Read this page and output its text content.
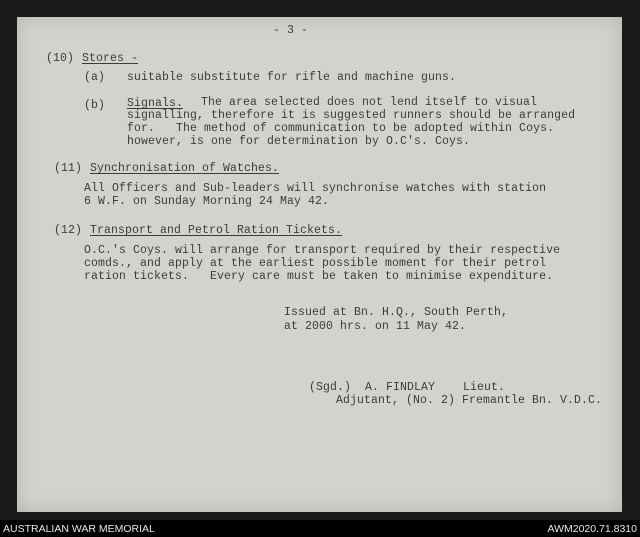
- 3 -
(10) Stores -
(a) suitable substitute for rifle and machine guns.
(b) Signals. The area selected does not lend itself to visual
signalling, therefore it is suggested runners should be arranged
for.   The method of communication to be adopted within Coys.
however, is one for determination by O.C's. Coys.
(11) Synchronisation of Watches.
All Officers and Sub-leaders will synchronise watches with station
6 W.F. on Sunday Morning 24 May 42.
(12) Transport and Petrol Ration Tickets.
O.C.'s Coys. will arrange for transport required by their respective
comds., and apply at the earliest possible moment for their petrol
ration tickets.   Every care must be taken to minimise expenditure.
Issued at Bn. H.Q., South Perth,
at 2000 hrs. on 11 May 42.
(Sgd.)  A. FINDLAY    Lieut.
Adjutant, (No. 2) Fremantle Bn. V.D.C.
AUSTRALIAN WAR MEMORIAL	AWM2020.71.8310
